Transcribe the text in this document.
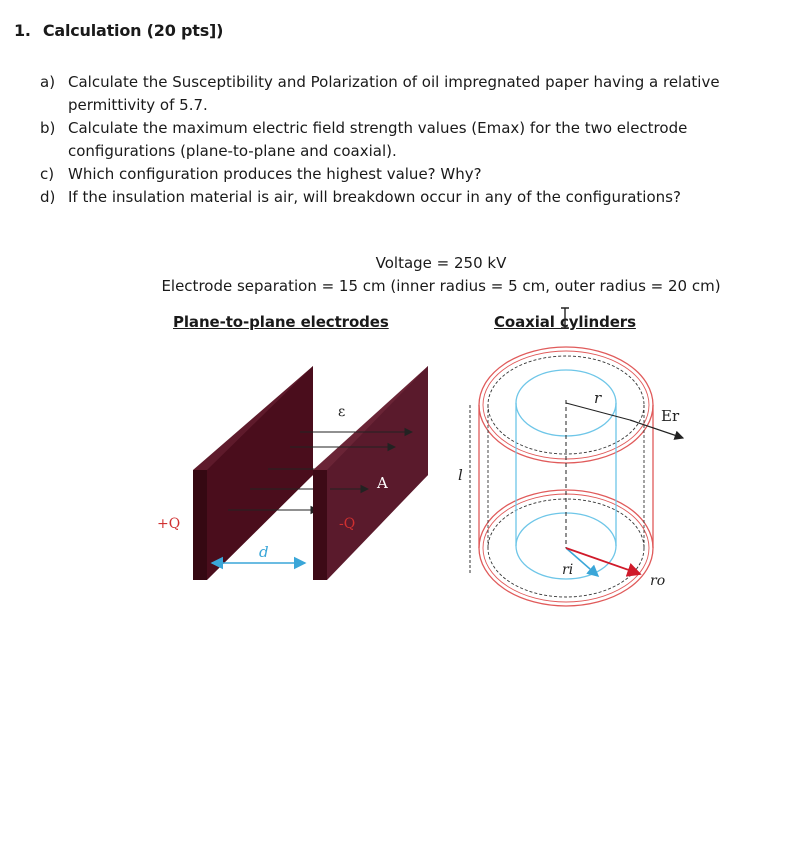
1. Calculation (20 pts])
a) Calculate the Susceptibility and Polarization of oil impregnated paper having a relative permittivity of 5.7.
b) Calculate the maximum electric field strength values (Emax) for the two electrode configurations (plane-to-plane and coaxial).
c) Which configuration produces the highest value? Why?
d) If the insulation material is air, will breakdown occur in any of the configurations?
Voltage = 250 kV
Electrode separation = 15 cm (inner radius = 5 cm, outer radius = 20 cm)
Plane-to-plane electrodes	Coaxial cylinders
ε
A
+Q	-Q
d
r
Er
l
ri
ro
